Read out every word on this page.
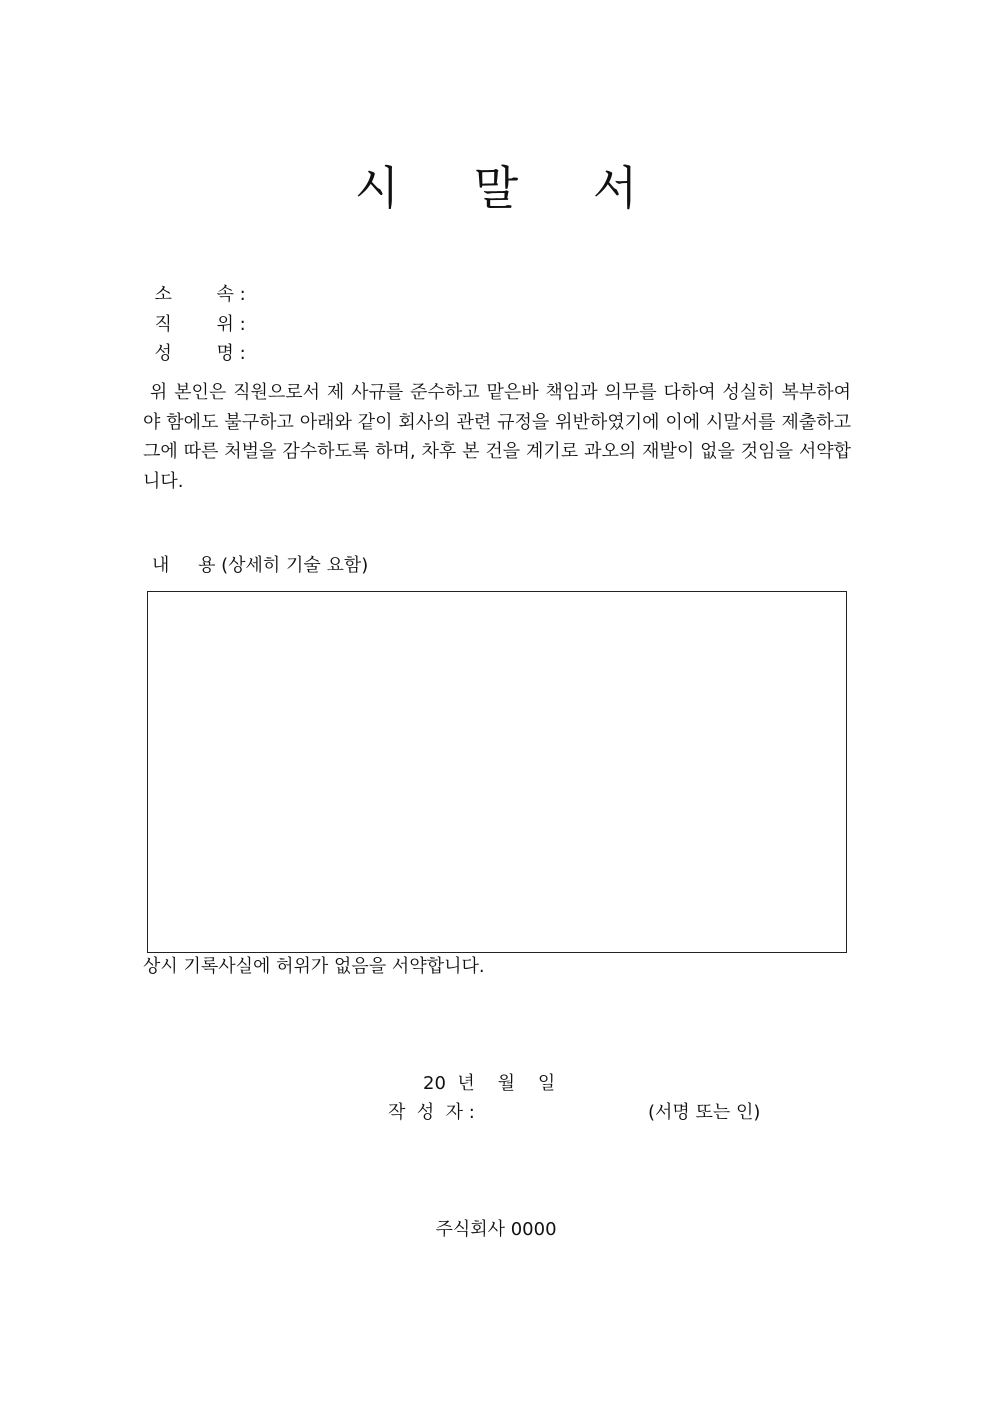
시 말 서

소 속 :

직 위 :

성 명 :

위 본인은 직원으로서 제 사규를 준수하고 맡은바 책임과 의무를 다하여 성실히 복부하여야 함에도 불구하고 아래와 같이 회사의 관련 규정을 위반하였기에 이에 시말서를 제출하고 그에 따른 처벌을 감수하도록 하며, 차후 본 건을 계기로 과오의 재발이 없을 것임을 서약합니다.
내     용 (상세히 기술 요함)
상시 기록사실에 허위가 없음을 서약합니다.
20  년    월    일
작  성  자 :	(서명 또는 인)
주식회사 0000
